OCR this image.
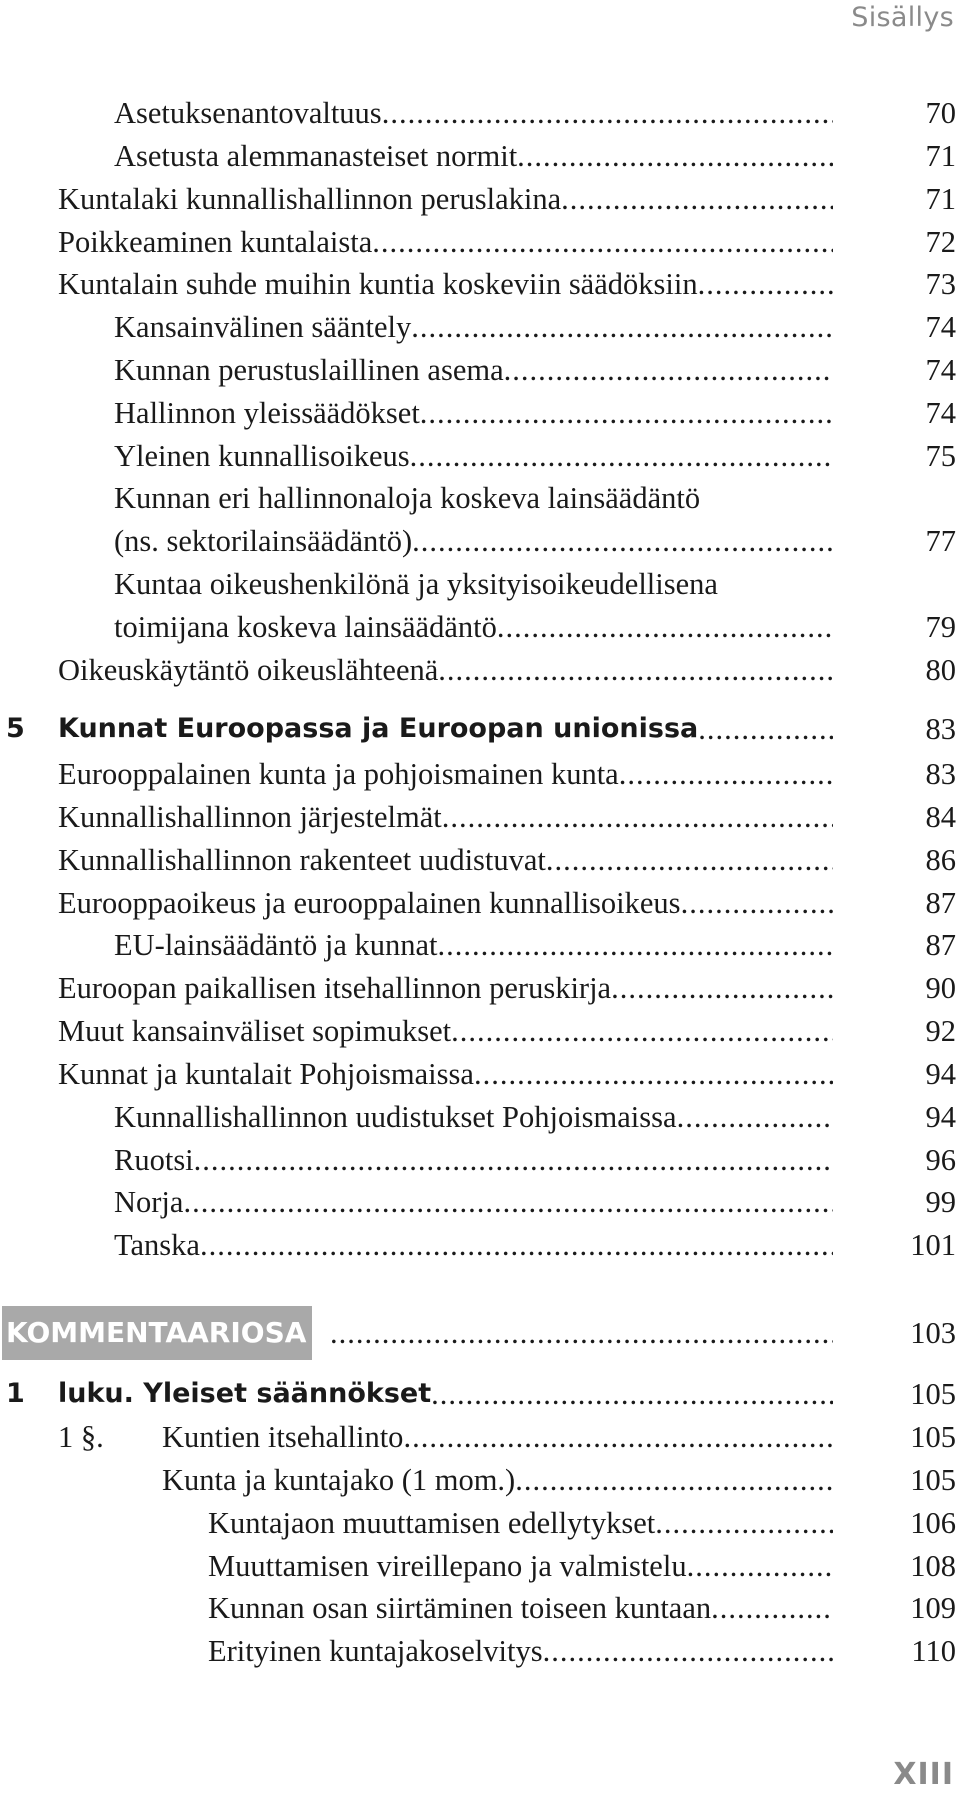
Sisällys
Asetuksenantovaltuus .....	70
Asetusta alemmanasteiset normit .....	71
Kuntalaki kunnallishallinnon peruslakina .....	71
Poikkeaminen kuntalaista .....	72
Kuntalain suhde muihin kuntia koskeviin säädöksiin .....	73
Kansainvälinen sääntely .....	74
Kunnan perustuslaillinen asema .....	74
Hallinnon yleissäädökset .....	74
Yleinen kunnallisoikeus .....	75
Kunnan eri hallinnonaloja koskeva lainsäädäntö
(ns. sektorilainsäädäntö) .....	77
Kuntaa oikeushenkilönä ja yksityisoikeudellisena
toimijana koskeva lainsäädäntö .....	79
Oikeuskäytäntö oikeuslähteenä .....	80
5 Kunnat Euroopassa ja Euroopan unionissa .....	83
Eurooppalainen kunta ja pohjoismainen kunta .....	83
Kunnallishallinnon järjestelmät .....	84
Kunnallishallinnon rakenteet uudistuvat .....	86
Eurooppaoikeus ja eurooppalainen kunnallisoikeus .....	87
EU-lainsäädäntö ja kunnat .....	87
Euroopan paikallisen itsehallinnon peruskirja .....	90
Muut kansainväliset sopimukset .....	92
Kunnat ja kuntalait Pohjoismaissa .....	94
Kunnallishallinnon uudistukset Pohjoismaissa .....	94
Ruotsi .....	96
Norja .....	99
Tanska .....	101
KOMMENTAARIOSA .....	103
1 luku. Yleiset säännökset .....	105
1 §. Kuntien itsehallinto .....	105
Kunta ja kuntajako (1 mom.) .....	105
Kuntajaon muuttamisen edellytykset .....	106
Muuttamisen vireillepano ja valmistelu .....	108
Kunnan osan siirtäminen toiseen kuntaan .....	109
Erityinen kuntajakoselvitys .....	110
XIII
